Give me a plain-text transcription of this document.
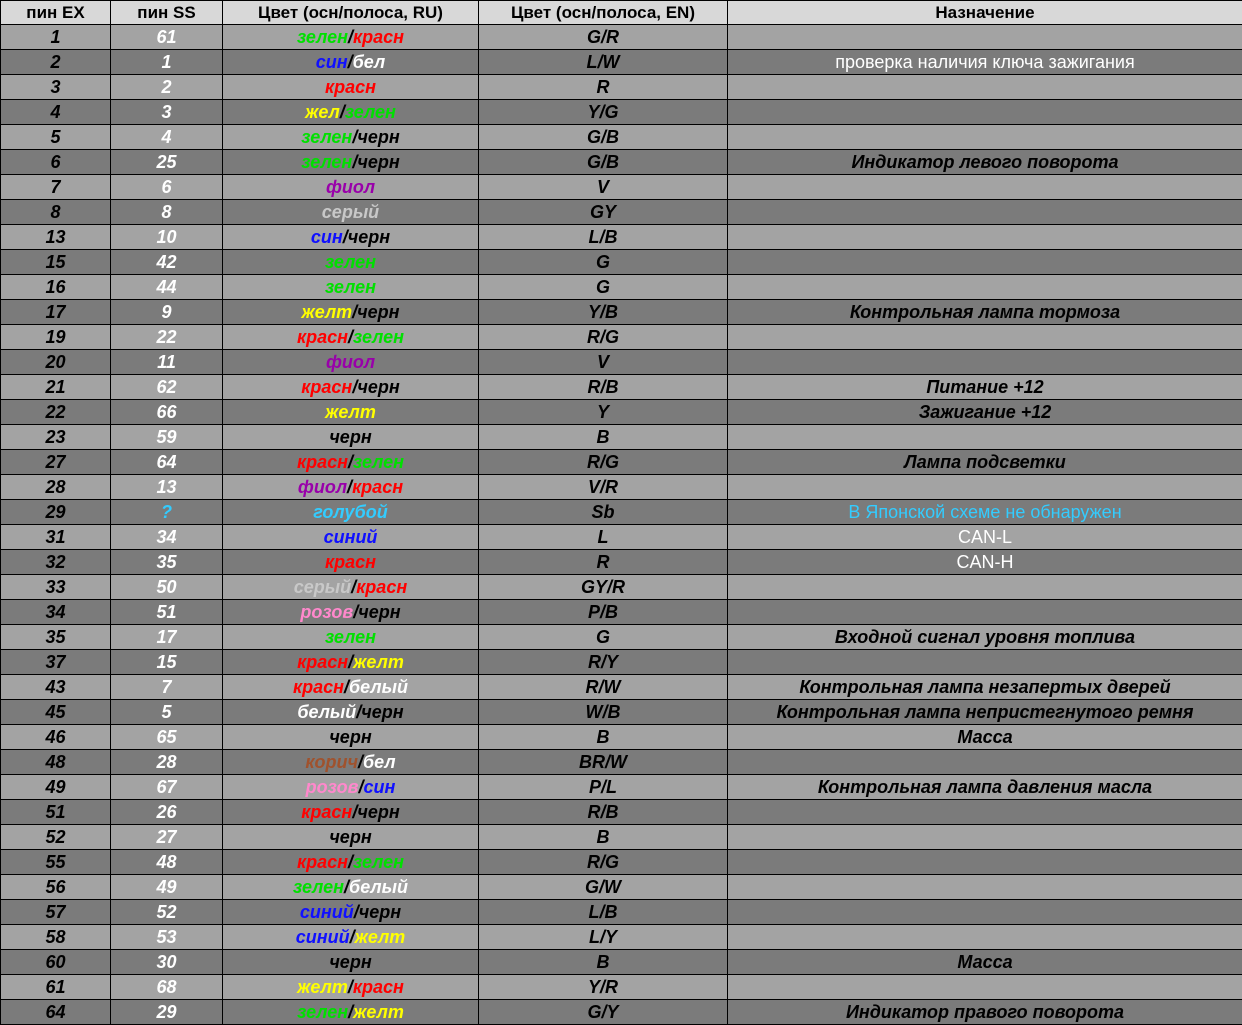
пин EX	пин SS	Цвет (осн/полоса, RU)	Цвет (осн/полоса, EN)	Назначение
1	61	зелен/красн	G/R	
2	1	син/бел	L/W	проверка наличия ключа зажигания
3	2	красн	R	
4	3	жел/зелен	Y/G	
5	4	зелен/черн	G/B	
6	25	зелен/черн	G/B	Индикатор левого поворота
7	6	фиол	V	
8	8	серый	GY	
13	10	син/черн	L/B	
15	42	зелен	G	
16	44	зелен	G	
17	9	желт/черн	Y/B	Контрольная лампа тормоза
19	22	красн/зелен	R/G	
20	11	фиол	V	
21	62	красн/черн	R/B	Питание +12
22	66	желт	Y	Зажигание +12
23	59	черн	B	
27	64	красн/зелен	R/G	Лампа подсветки
28	13	фиол/красн	V/R	
29	?	голубой	Sb	В Японской схеме не обнаружен
31	34	синий	L	CAN-L
32	35	красн	R	CAN-H
33	50	серый/красн	GY/R	
34	51	розов/черн	P/B	
35	17	зелен	G	Входной сигнал уровня топлива
37	15	красн/желт	R/Y	
43	7	красн/белый	R/W	Контрольная лампа незапертых дверей
45	5	белый/черн	W/B	Контрольная лампа непристегнутого ремня
46	65	черн	B	Масса
48	28	корич/бел	BR/W	
49	67	розов/син	P/L	Контрольная лампа давления масла
51	26	красн/черн	R/B	
52	27	черн	B	
55	48	красн/зелен	R/G	
56	49	зелен/белый	G/W	
57	52	синий/черн	L/B	
58	53	синий/желт	L/Y	
60	30	черн	B	Масса
61	68	желт/красн	Y/R	
64	29	зелен/желт	G/Y	Индикатор правого поворота
